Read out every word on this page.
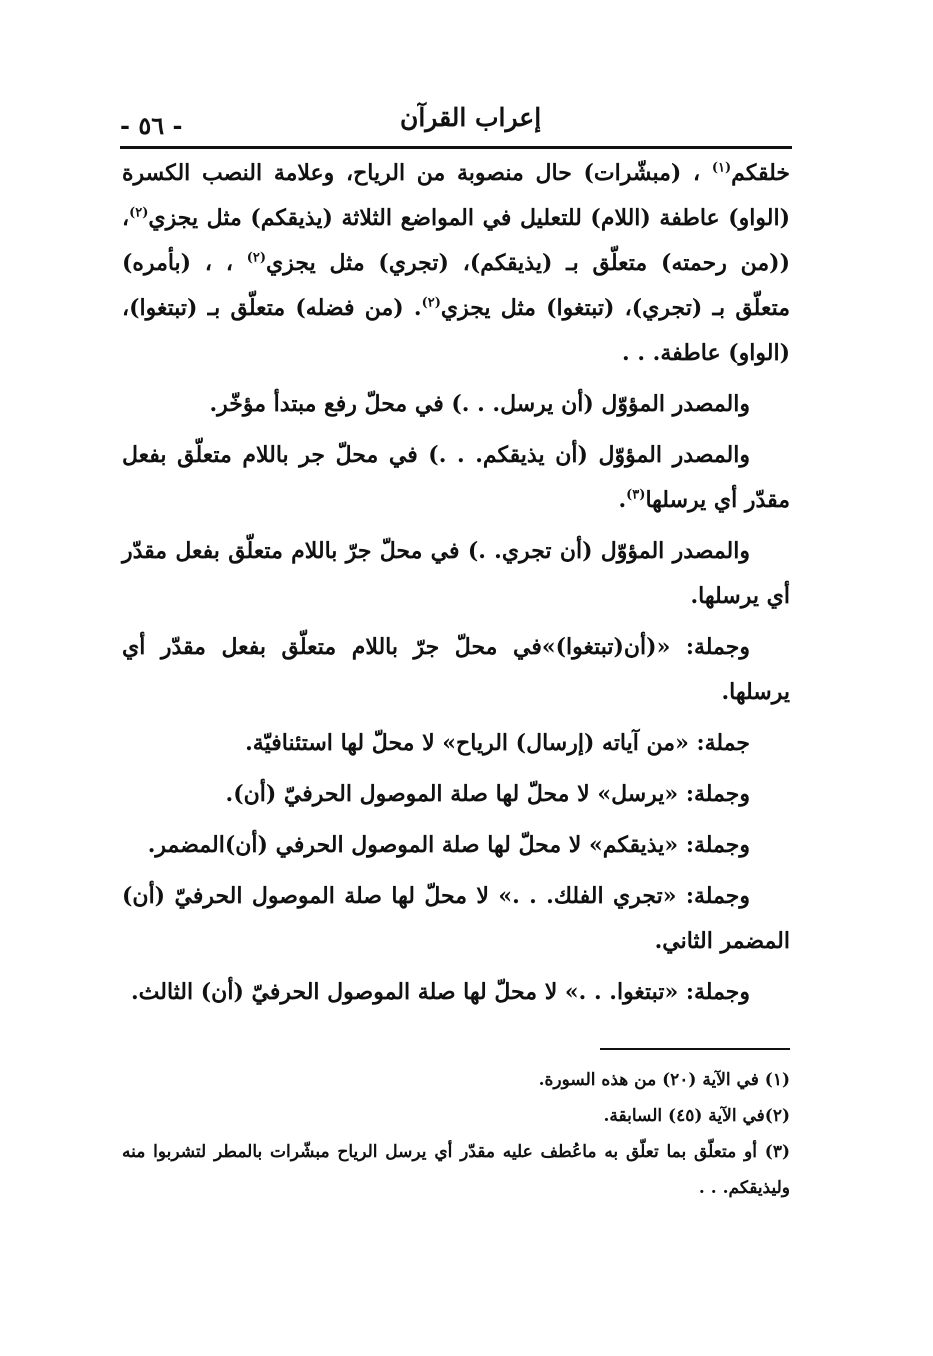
- ٥٦ -	إعراب القرآن

خلقكم$^{(١)}$ ، (مبشّرات) حال منصوبة من الرياح، وعلامة النصب الكسرة (الواو) عاطفة (اللام) للتعليل في المواضع الثلاثة (يذيقكم) مثل يجزي$^{(٢)}$،((من رحمته) متعلّق بـ (يذيقكم)، (تجري) مثل يجزي$^{(٢)}$ ، ، (بأمره) متعلّق بـ (تجري)، (تبتغوا) مثل يجزي$^{(٢)}$. (من فضله) متعلّق بـ (تبتغوا)، (الواو) عاطفة. . .

والمصدر المؤوّل (أن يرسل. . .) في محلّ رفع مبتدأ مؤخّر.

والمصدر المؤوّل (أن يذيقكم. . .) في محلّ جر باللام متعلّق بفعل مقدّر أي يرسلها$^{(٣)}$.

والمصدر المؤوّل (أن تجري. .) في محلّ جرّ باللام متعلّق بفعل مقدّر أي يرسلها.

وجملة: «(أن(تبتغوا)»في محلّ جرّ باللام متعلّق بفعل مقدّر أي يرسلها.

جملة: «من آياته (إرسال) الرياح» لا محلّ لها استئنافيّة.

وجملة: «يرسل» لا محلّ لها صلة الموصول الحرفيّ (أن).

وجملة: «يذيقكم» لا محلّ لها صلة الموصول الحرفي (أن)المضمر.

وجملة: «تجري الفلك. . .» لا محلّ لها صلة الموصول الحرفيّ (أن) المضمر الثاني.

وجملة: «تبتغوا. . .» لا محلّ لها صلة الموصول الحرفيّ (أن) الثالث.

(١) في الآية (٢٠) من هذه السورة.

(٢)في الآية (٤٥) السابقة.

(٣) أو متعلّق بما تعلّق به ماعُطف عليه مقدّر أي يرسل الرياح مبشّرات بالمطر لتشربوا منه وليذيقكم. . .
